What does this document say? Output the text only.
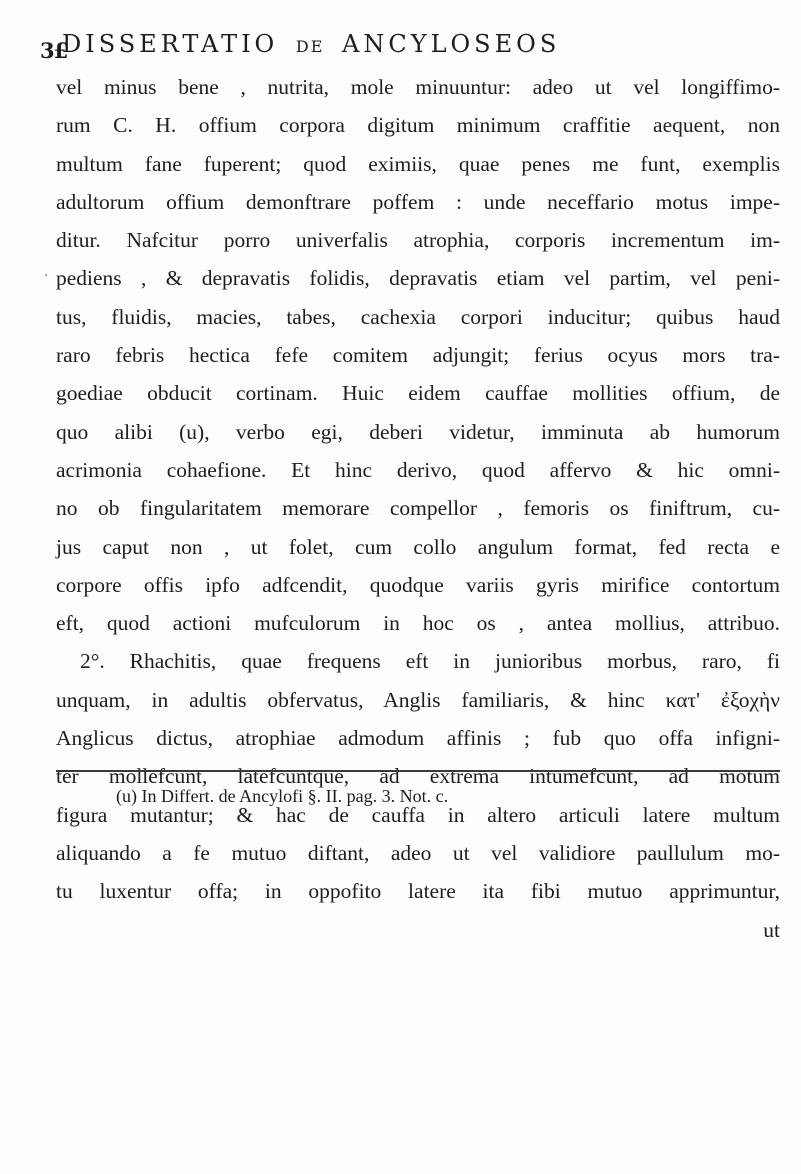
3£
DISSERTATIO DE ANCYLOSEOS
·
vel minus bene , nutrita, mole minuuntur: adeo ut vel longiffimo-
rum C. H. offium corpora digitum minimum craffitie aequent, non
multum fane fuperent; quod eximiis, quae penes me funt, exemplis
adultorum offium demonftrare poffem : unde neceffario motus impe-
ditur. Nafcitur porro univerfalis atrophia, corporis incrementum im-
pediens , & depravatis folidis, depravatis etiam vel partim, vel peni-
tus, fluidis, macies, tabes, cachexia corpori inducitur; quibus haud
raro febris hectica fefe comitem adjungit; ferius ocyus mors tra-
goediae obducit cortinam. Huic eidem cauffae mollities offium, de
quo alibi (u), verbo egi, deberi videtur, imminuta ab humorum
acrimonia cohaefione. Et hinc derivo, quod affervo & hic omni-
no ob fingularitatem memorare compellor , femoris os finiftrum, cu-
jus caput non , ut folet, cum collo angulum format, fed recta e
corpore offis ipfo adfcendit, quodque variis gyris mirifice contortum
eft, quod actioni mufculorum in hoc os , antea mollius, attribuo.
2°. Rhachitis, quae frequens eft in junioribus morbus, raro, fi
unquam, in adultis obfervatus, Anglis familiaris, & hinc κατ' ἐξοχὴν
Anglicus dictus, atrophiae admodum affinis ; fub quo offa infigni-
ter mollefcunt, latefcuntque, ad extrema intumefcunt, ad motum
figura mutantur; & hac de cauffa in altero articuli latere multum
aliquando a fe mutuo diftant, adeo ut vel validiore paullulum mo-
tu luxentur offa; in oppofito latere ita fibi mutuo apprimuntur,
ut
(u) In Differt. de Ancylofi §. II. pag. 3. Not. c.
